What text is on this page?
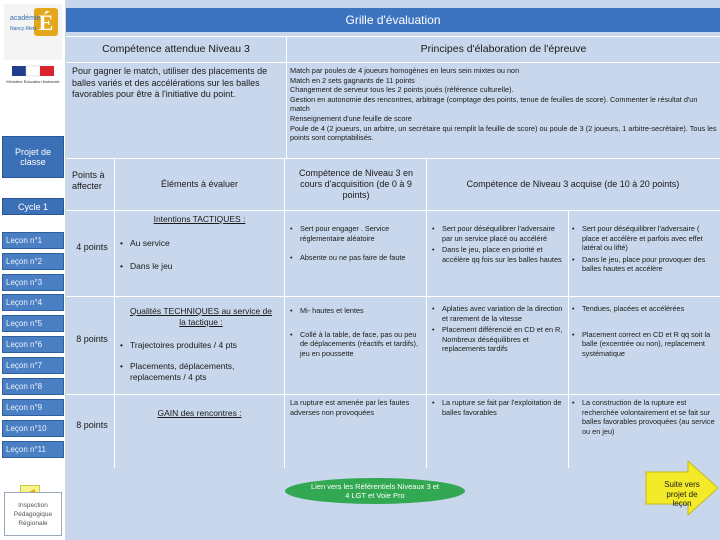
É
académie
Nancy-Metz
Ministère Éducation Nationale
Projet de classe
Cycle 1
Leçon n°1
Leçon n°2
Leçon n°3
Leçon n°4
Leçon n°5
Leçon n°6
Leçon n°7
Leçon n°8
Leçon n°9
Leçon n°10
Leçon n°11
Inspection Pédagogique Régionale
Grille d'évaluation
Compétence attendue Niveau 3	Principes d'élaboration de l'épreuve
Pour gagner le match, utiliser des placements de balles variés et des accélérations sur les balles favorables pour être à l'initiative du point.
Match par poules de 4 joueurs homogènes en leurs sein mixtes ou non
Match en 2 sets gagnants de 11 points
Changement de serveur tous les 2 points joués (référence culturelle).
Gestion en autonomie des rencontres, arbitrage (comptage des points, tenue de feuilles de score). Commenter le résultat d'un match
Renseignement d'une feuille de score
Poule de 4 (2 joueurs, un arbitre, un secrétaire qui remplit la feuille de score) ou poule de 3 (2 joueurs, 1 arbitre-secrétaire). Tous les points sont comptabilisés.
Points à affecter	Éléments à évaluer
Compétence de Niveau 3 en cours d'acquisition (de 0 à 9 points)
Compétence de Niveau 3 acquise (de 10 à 20 points)
4 points
Intentions TACTIQUES :
• Au service
• Dans le jeu
• Sert pour engager . Service réglementaire aléatoire
• Absente ou ne pas faire de faute
• Sert pour déséquilibrer l'adversaire par un service placé ou accéléré
• Dans le jeu, place en priorité et accélère qq fois sur les balles hautes
• Sert pour déséquilibrer l'adversaire ( place et accélère et parfois avec effet latéral ou lifté)
• Dans le jeu, place pour provoquer des balles hautes et accélère
8 points
Qualités TECHNIQUES au service de la tactique :
• Trajectoires produites / 4 pts
• Placements, déplacements, replacements / 4 pts
• Mi- hautes et lentes
• Collé à la table, de face, pas ou peu de déplacements (réactifs et tardifs), jeu en poussette
• Aplaties avec variation de la direction et rarement de la vitesse
• Placement différencié en CD et en R, Nombreux déséquilibres et replacements tardifs
• Tendues, placées et accélérées
• Placement correct en CD et R qq soit la balle (excentrée ou non), replacement systématique
8 points
GAIN des rencontres :
La rupture est amenée par les fautes adverses non provoquées
• La rupture se fait par l'exploitation de balles favorables
• La construction de la rupture est recherchée volontairement et se fait sur balles favorables provoquées (au service ou en jeu)
Lien vers les Référentiels Niveaux 3 et 4 LGT et Voie Pro
Suite vers projet de leçon
